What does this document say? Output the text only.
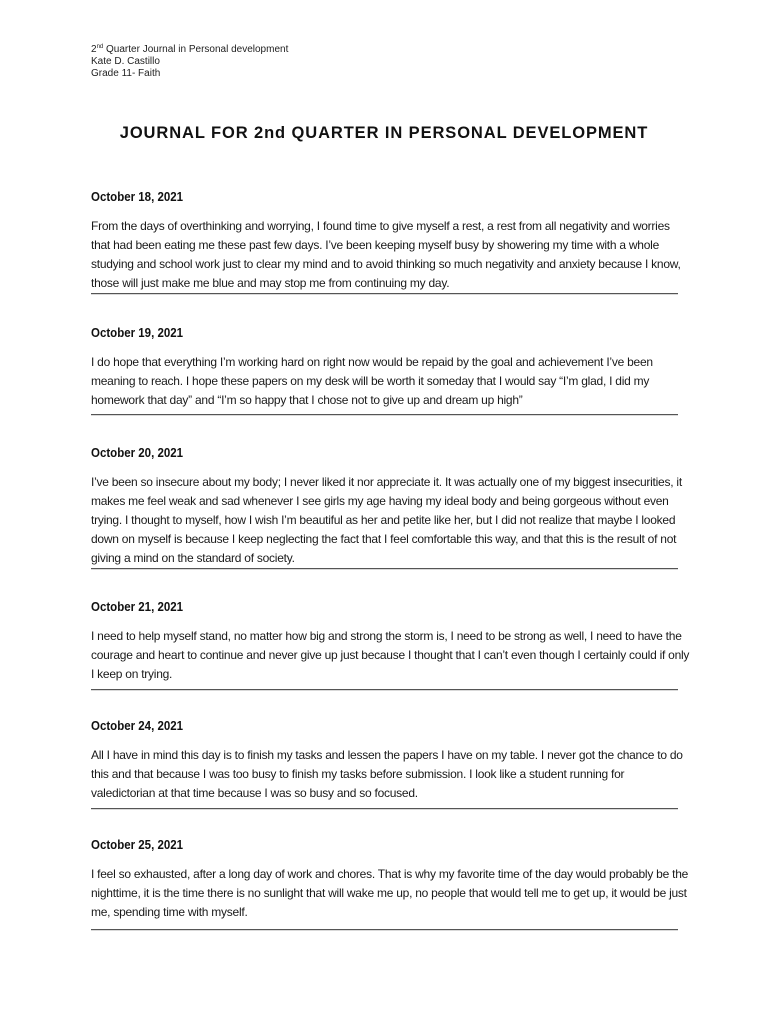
2nd Quarter Journal in Personal development
Kate D. Castillo
Grade 11- Faith
JOURNAL FOR 2nd QUARTER IN PERSONAL DEVELOPMENT
October 18, 2021

From the days of overthinking and worrying, I found time to give myself a rest, a rest from all negativity and worries that had been eating me these past few days. I’ve been keeping myself busy by showering my time with a whole studying and school work just to clear my mind and to avoid thinking so much negativity and anxiety because I know, those will just make me blue and may stop me from continuing my day.

October 19, 2021

I do hope that everything I’m working hard on right now would be repaid by the goal and achievement I’ve been meaning to reach. I hope these papers on my desk will be worth it someday that I would say “I’m glad, I did my homework that day” and “I’m so happy that I chose not to give up and dream up high”

October 20, 2021

I’ve been so insecure about my body; I never liked it nor appreciate it. It was actually one of my biggest insecurities, it makes me feel weak and sad whenever I see girls my age having my ideal body and being gorgeous without even trying. I thought to myself, how I wish I’m beautiful as her and petite like her, but I did not realize that maybe I looked down on myself is because I keep neglecting the fact that I feel comfortable this way, and that this is the result of not giving a mind on the standard of society.

October 21, 2021

I need to help myself stand, no matter how big and strong the storm is, I need to be strong as well, I need to have the courage and heart to continue and never give up just because I thought that I can’t even though I certainly could if only I keep on trying.

October 24, 2021

All I have in mind this day is to finish my tasks and lessen the papers I have on my table. I never got the chance to do this and that because I was too busy to finish my tasks before submission. I look like a student running for valedictorian at that time because I was so busy and so focused.

October 25, 2021

I feel so exhausted, after a long day of work and chores. That is why my favorite time of the day would probably be the nighttime, it is the time there is no sunlight that will wake me up, no people that would tell me to get up, it would be just me, spending time with myself.
